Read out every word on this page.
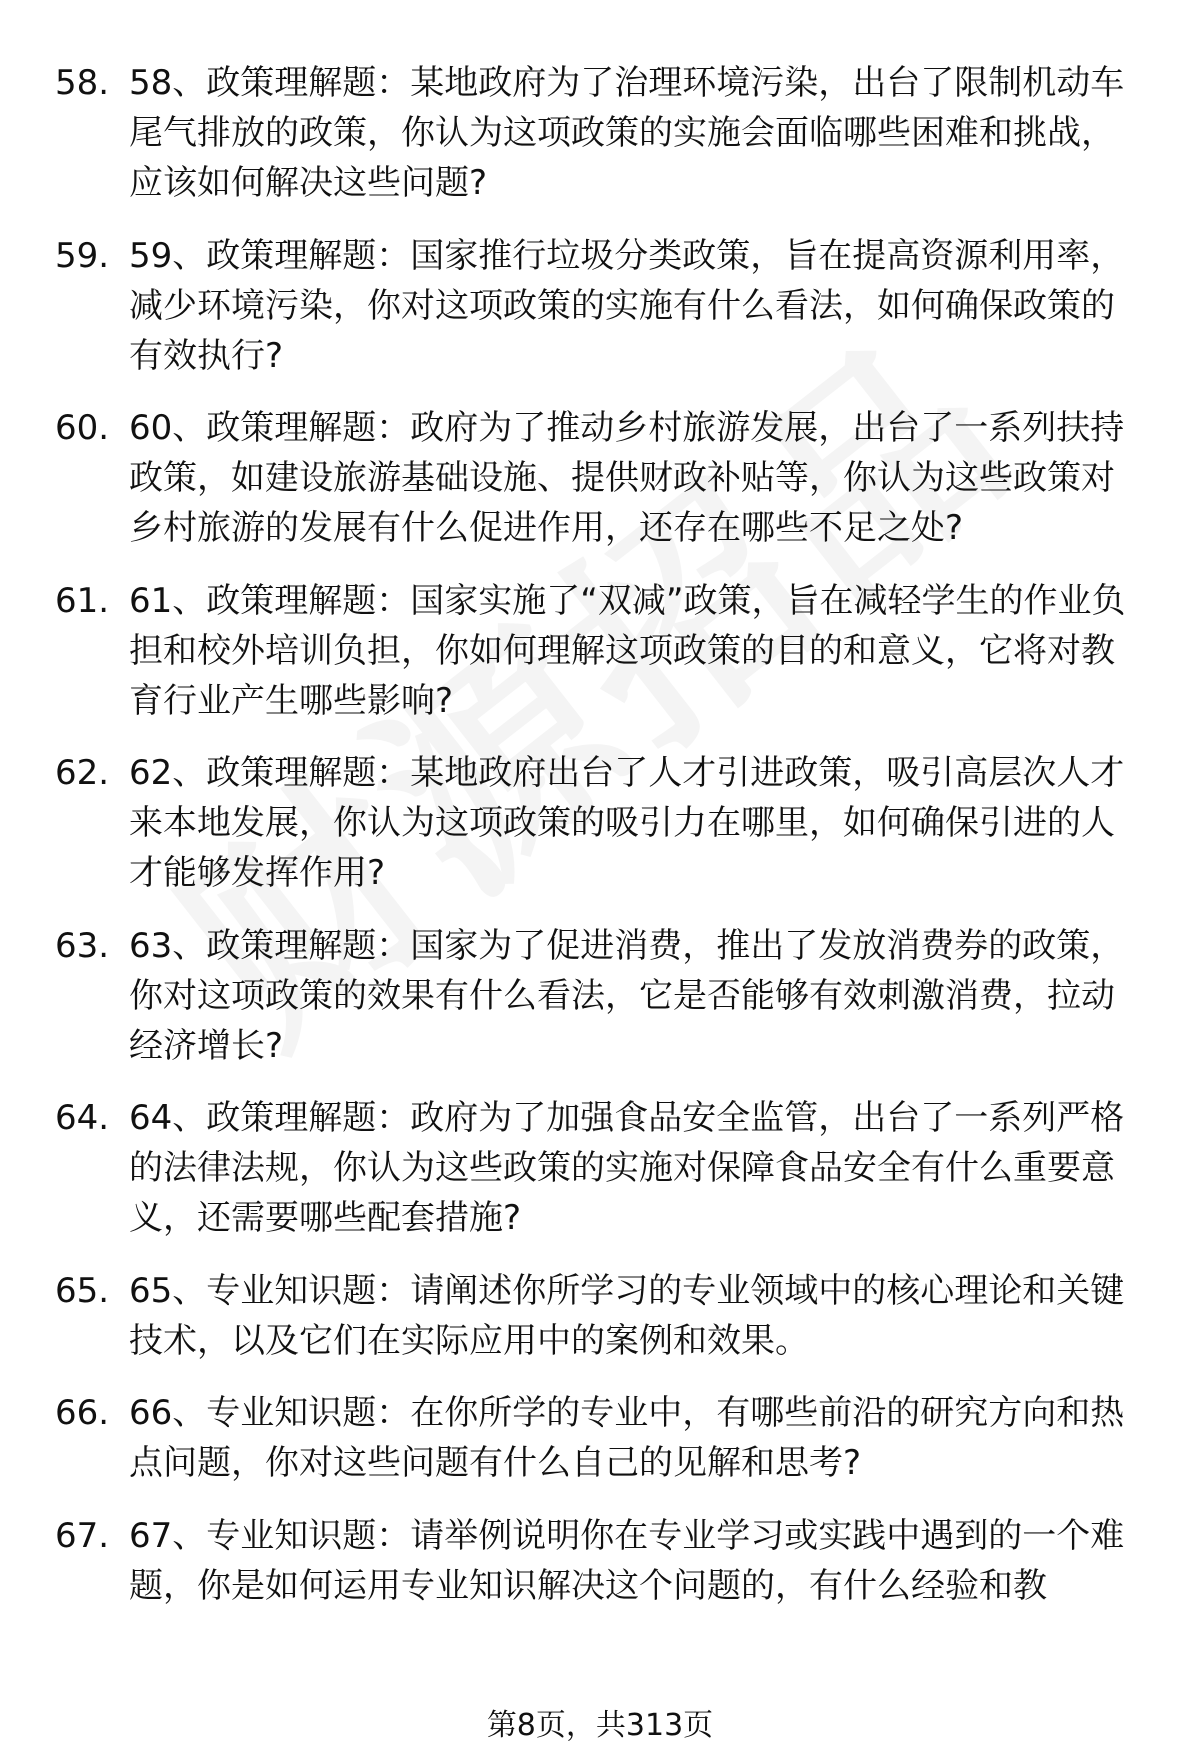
58. 58、政策理解题：某地政府为了治理环境污染，出台了限制机动车尾气排放的政策，你认为这项政策的实施会面临哪些困难和挑战，应该如何解决这些问题?
59. 59、政策理解题：国家推行垃圾分类政策，旨在提高资源利用率，减少环境污染，你对这项政策的实施有什么看法，如何确保政策的有效执行?
60. 60、政策理解题：政府为了推动乡村旅游发展，出台了一系列扶持政策，如建设旅游基础设施、提供财政补贴等，你认为这些政策对乡村旅游的发展有什么促进作用，还存在哪些不足之处?
61. 61、政策理解题：国家实施了“双减”政策，旨在减轻学生的作业负担和校外培训负担，你如何理解这项政策的目的和意义，它将对教育行业产生哪些影响?
62. 62、政策理解题：某地政府出台了人才引进政策，吸引高层次人才来本地发展，你认为这项政策的吸引力在哪里，如何确保引进的人才能够发挥作用?
63. 63、政策理解题：国家为了促进消费，推出了发放消费券的政策，你对这项政策的效果有什么看法，它是否能够有效刺激消费，拉动经济增长?
64. 64、政策理解题：政府为了加强食品安全监管，出台了一系列严格的法律法规，你认为这些政策的实施对保障食品安全有什么重要意义，还需要哪些配套措施?
65. 65、专业知识题：请阐述你所学习的专业领域中的核心理论和关键技术，以及它们在实际应用中的案例和效果。
66. 66、专业知识题：在你所学的专业中，有哪些前沿的研究方向和热点问题，你对这些问题有什么自己的见解和思考?
67. 67、专业知识题：请举例说明你在专业学习或实践中遇到的一个难题，你是如何运用专业知识解决这个问题的，有什么经验和教
第8页，共313页
